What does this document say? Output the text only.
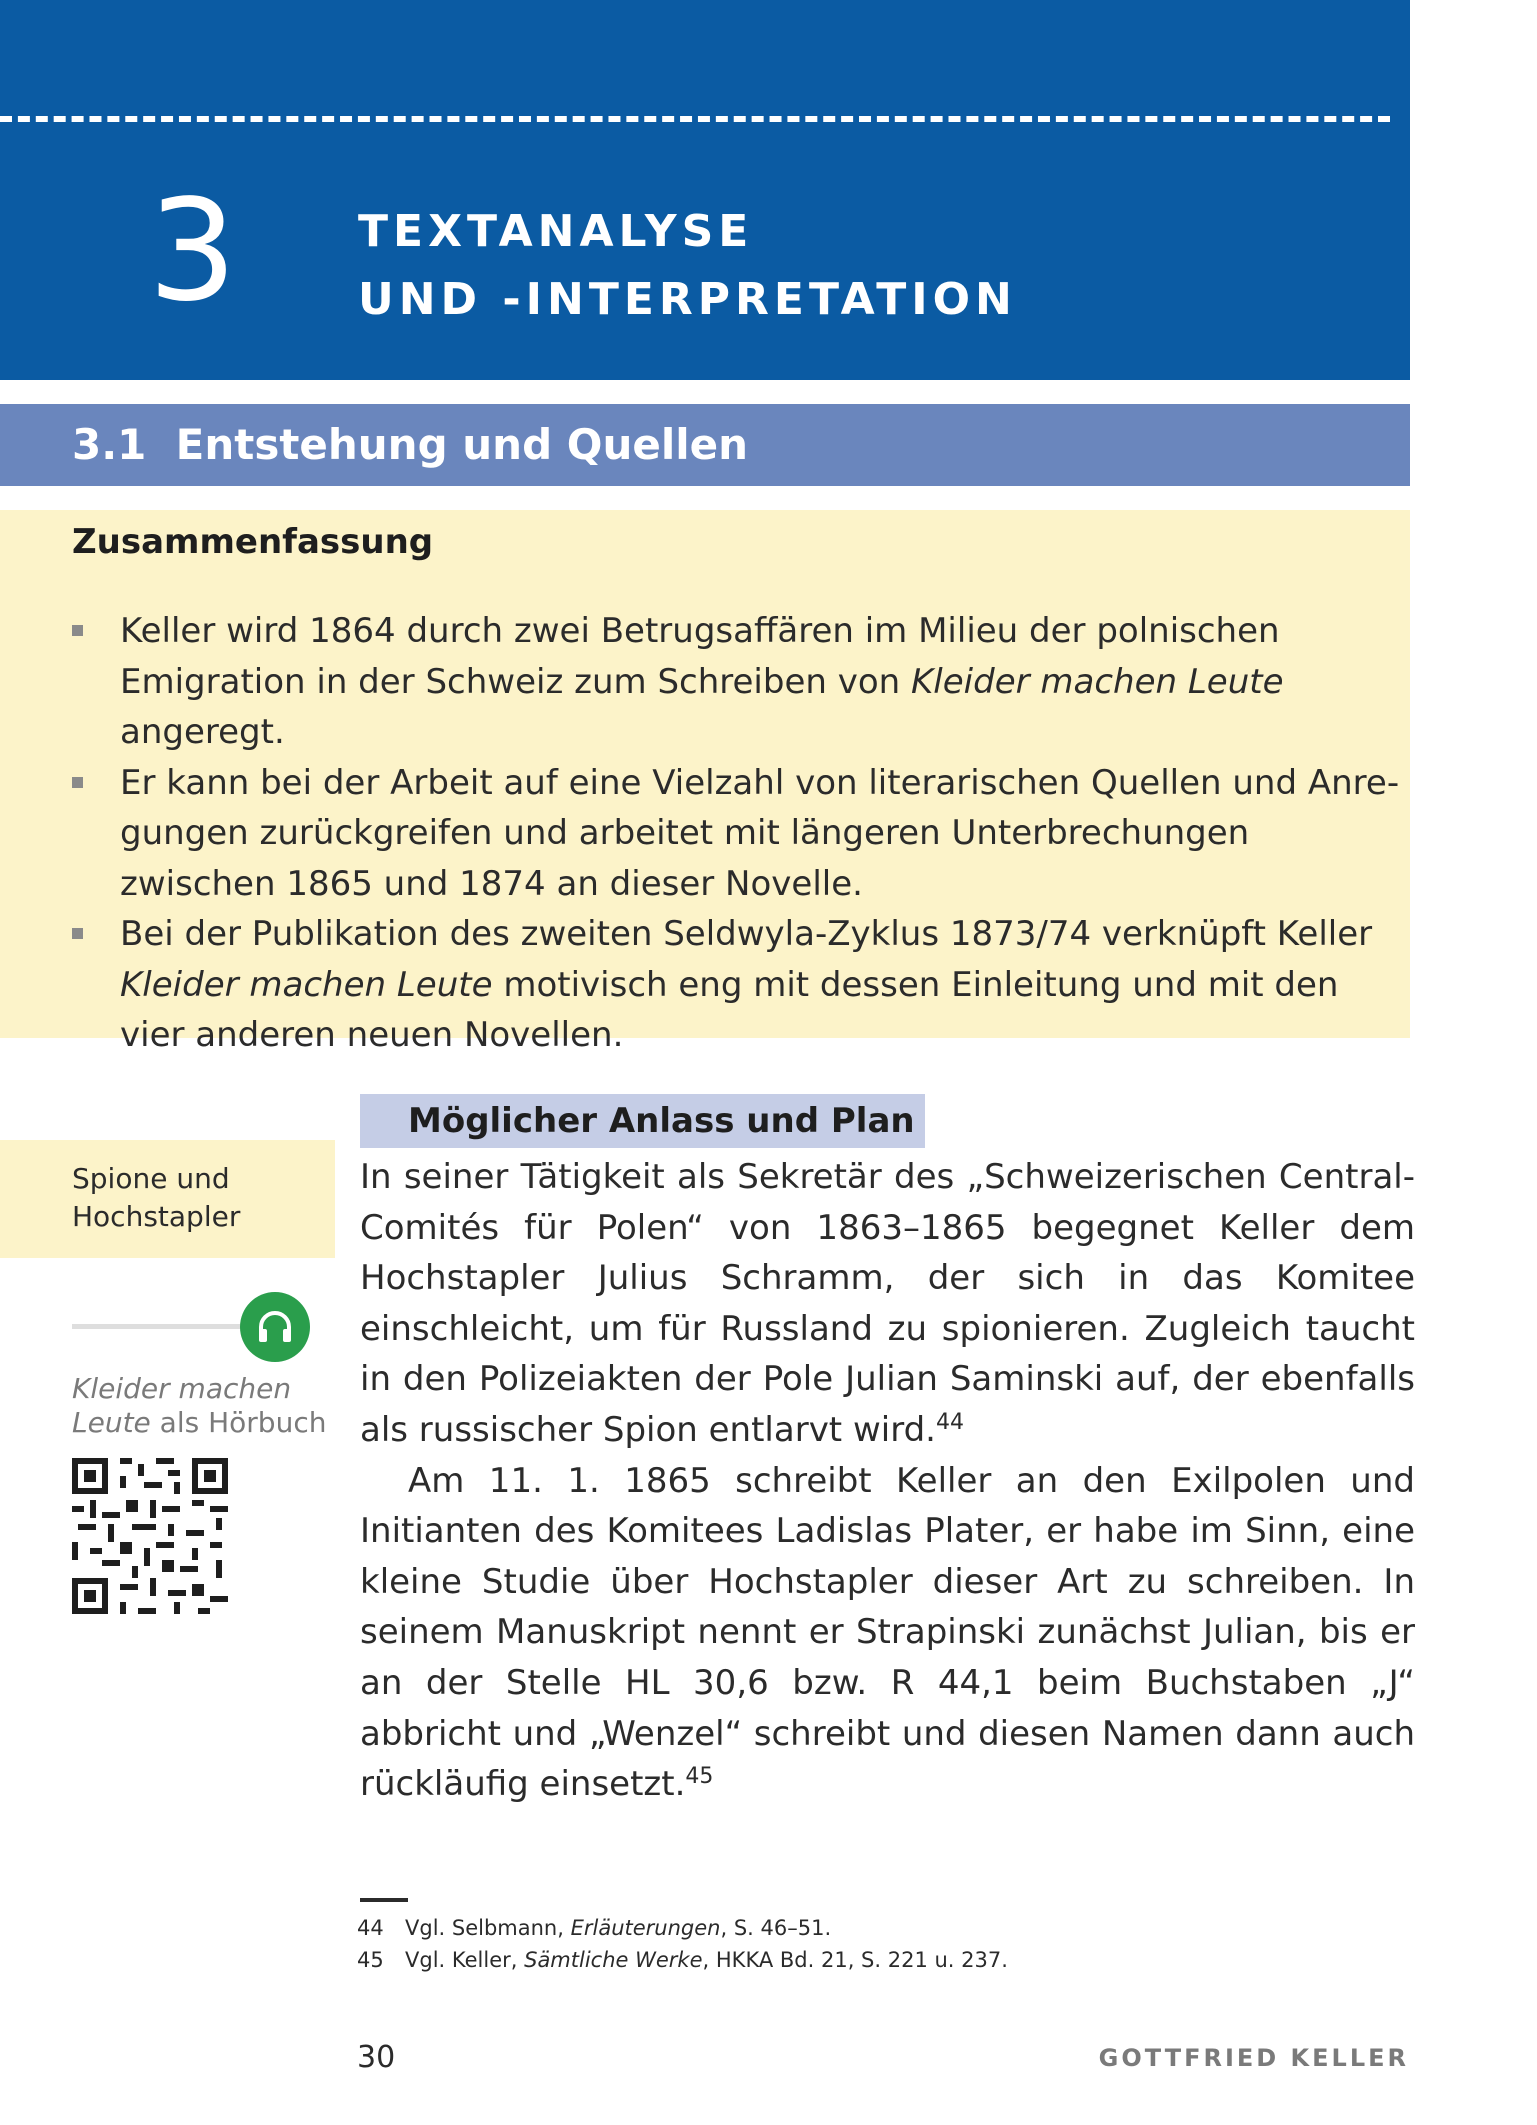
3	TEXTANALYSE
UND -INTERPRETATION
3.1  Entstehung und Quellen
Zusammenfassung
Keller wird 1864 durch zwei Betrugsaffären im Milieu der polnischen Emigration in der Schweiz zum Schreiben von Kleider machen Leute angeregt.
Er kann bei der Arbeit auf eine Vielzahl von literarischen Quellen und Anregungen zurückgreifen und arbeitet mit längeren Unterbrechungen zwischen 1865 und 1874 an dieser Novelle.
Bei der Publikation des zweiten Seldwyla-Zyklus 1873/74 verknüpft Keller Kleider machen Leute motivisch eng mit dessen Einleitung und mit den vier anderen neuen Novellen.
Spione und Hochstapler
Kleider machen Leute als Hörbuch
Möglicher Anlass und Plan

In seiner Tätigkeit als Sekretär des „Schweizerischen Central-Comités für Polen“ von 1863–1865 begegnet Keller dem Hochstapler Julius Schramm, der sich in das Komitee einschleicht, um für Russland zu spionieren. Zugleich taucht in den Polizeiakten der Pole Julian Saminski auf, der ebenfalls als russischer Spion entlarvt wird.$^{44}$

Am 11. 1. 1865 schreibt Keller an den Exilpolen und Initianten des Komitees Ladislas Plater, er habe im Sinn, eine kleine Studie über Hochstapler dieser Art zu schreiben. In seinem Manuskript nennt er Strapinski zunächst Julian, bis er an der Stelle HL 30,6 bzw. R 44,1 beim Buchstaben „J“ abbricht und „Wenzel“ schreibt und diesen Namen dann auch rückläufig einsetzt.$^{45}$

44 Vgl. Selbmann, Erläuterungen, S. 46–51.
45 Vgl. Keller, Sämtliche Werke, HKKA Bd. 21, S. 221 u. 237.
30	GOTTFRIED KELLER
